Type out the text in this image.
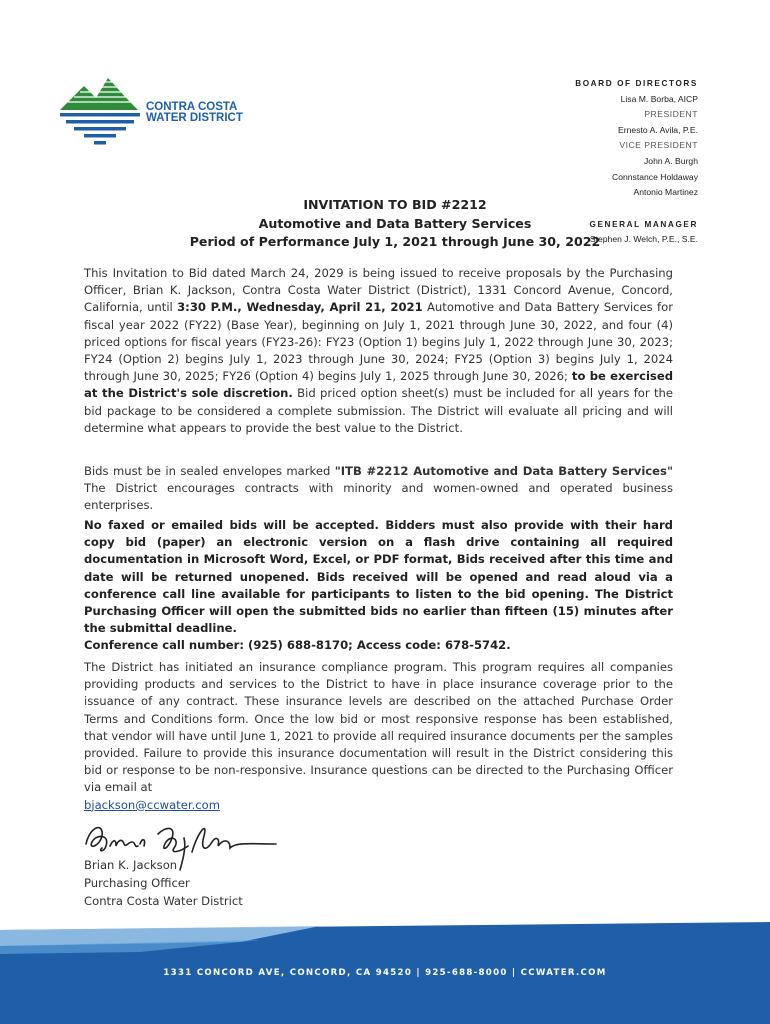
CONTRA COSTA
WATER DISTRICT
BOARD OF DIRECTORS
Lisa M. Borba, AICP
PRESIDENT
Ernesto A. Avila, P.E.
VICE PRESIDENT
John A. Burgh
Connstance Holdaway
Antonio Martinez
GENERAL MANAGER
Stephen J. Welch, P.E., S.E.
INVITATION TO BID #2212
Automotive and Data Battery Services
Period of Performance July 1, 2021 through June 30, 2022
This Invitation to Bid dated March 24, 2029 is being issued to receive proposals by the Purchasing Officer, Brian K. Jackson, Contra Costa Water District (District), 1331 Concord Avenue, Concord, California, until 3:30 P.M., Wednesday, April 21, 2021 Automotive and Data Battery Services for fiscal year 2022 (FY22) (Base Year), beginning on July 1, 2021 through June 30, 2022, and four (4) priced options for fiscal years (FY23-26): FY23 (Option 1) begins July 1, 2022 through June 30, 2023; FY24 (Option 2) begins July 1, 2023 through June 30, 2024; FY25 (Option 3) begins July 1, 2024 through June 30, 2025; FY26 (Option 4) begins July 1, 2025 through June 30, 2026; to be exercised at the District's sole discretion. Bid priced option sheet(s) must be included for all years for the bid package to be considered a complete submission. The District will evaluate all pricing and will determine what appears to provide the best value to the District.
Bids must be in sealed envelopes marked "ITB #2212 Automotive and Data Battery Services" The District encourages contracts with minority and women-owned and operated business enterprises.
No faxed or emailed bids will be accepted. Bidders must also provide with their hard copy bid (paper) an electronic version on a flash drive containing all required documentation in Microsoft Word, Excel, or PDF format, Bids received after this time and date will be returned unopened. Bids received will be opened and read aloud via a conference call line available for participants to listen to the bid opening. The District Purchasing Officer will open the submitted bids no earlier than fifteen (15) minutes after the submittal deadline.
Conference call number: (925) 688-8170; Access code: 678-5742.
The District has initiated an insurance compliance program. This program requires all companies providing products and services to the District to have in place insurance coverage prior to the issuance of any contract. These insurance levels are described on the attached Purchase Order Terms and Conditions form. Once the low bid or most responsive response has been established, that vendor will have until June 1, 2021 to provide all required insurance documents per the samples provided. Failure to provide this insurance documentation will result in the District considering this bid or response to be non-responsive. Insurance questions can be directed to the Purchasing Officer via email at
bjackson@ccwater.com
Brian K. Jackson
Purchasing Officer
Contra Costa Water District
1331 CONCORD AVE, CONCORD, CA 94520 | 925-688-8000 | CCWATER.COM
